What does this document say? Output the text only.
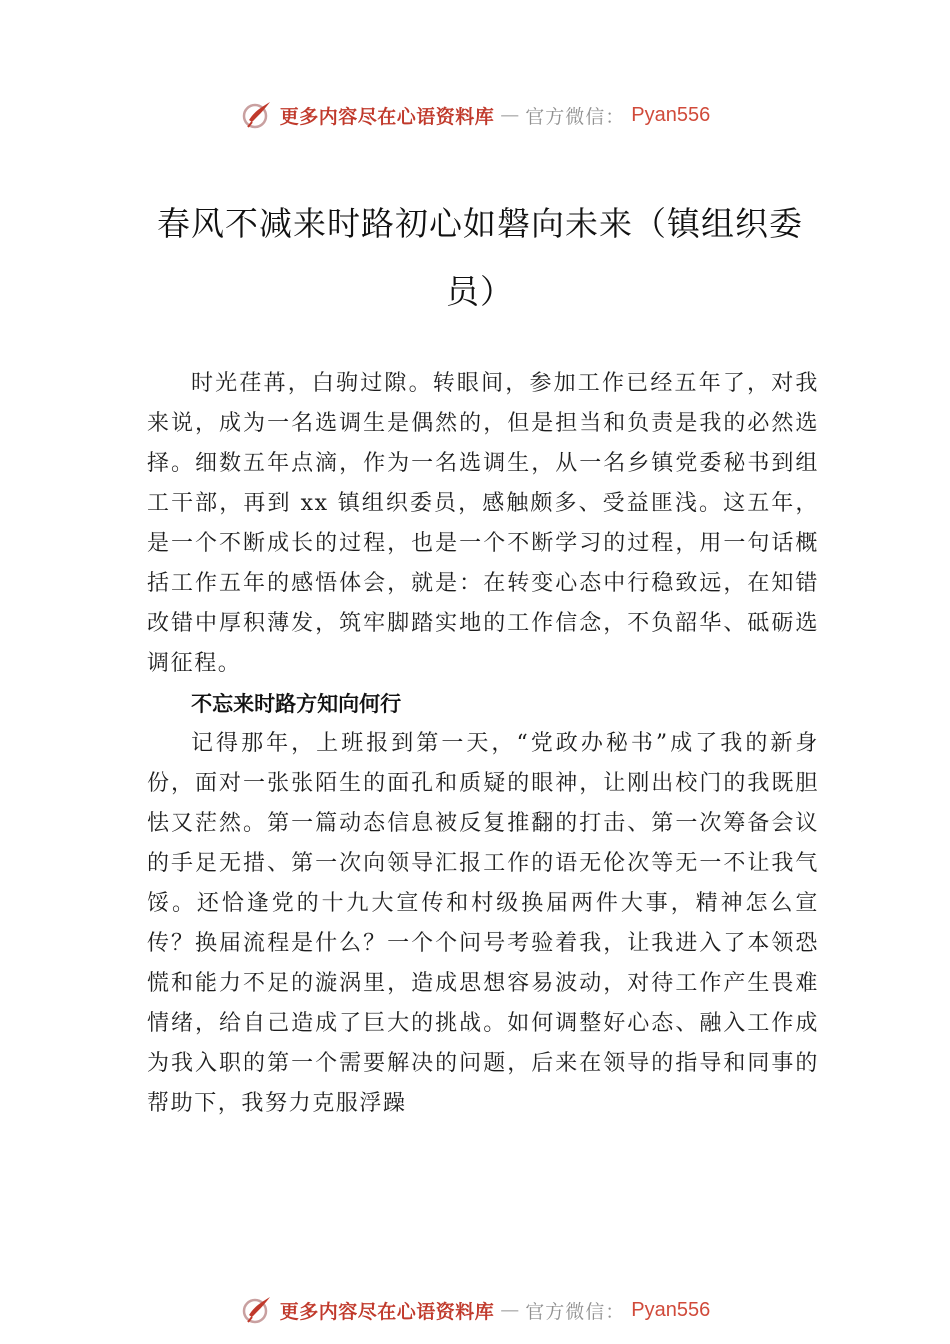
更多内容尽在心语资料库 — 官方微信： Pyan556
春风不减来时路初心如磐向未来（镇组织委员）

时光荏苒，白驹过隙。转眼间，参加工作已经五年了，对我来说，成为一名选调生是偶然的，但是担当和负责是我的必然选择。细数五年点滴，作为一名选调生，从一名乡镇党委秘书到组工干部，再到 xx 镇组织委员，感触颇多、受益匪浅。这五年，是一个不断成长的过程，也是一个不断学习的过程，用一句话概括工作五年的感悟体会，就是：在转变心态中行稳致远，在知错改错中厚积薄发，筑牢脚踏实地的工作信念，不负韶华、砥砺选调征程。

不忘来时路方知向何行

记得那年，上班报到第一天，“党政办秘书”成了我的新身份，面对一张张陌生的面孔和质疑的眼神，让刚出校门的我既胆怯又茫然。第一篇动态信息被反复推翻的打击、第一次筹备会议的手足无措、第一次向领导汇报工作的语无伦次等无一不让我气馁。还恰逢党的十九大宣传和村级换届两件大事，精神怎么宣传？换届流程是什么？一个个问号考验着我，让我进入了本领恐慌和能力不足的漩涡里，造成思想容易波动，对待工作产生畏难情绪，给自己造成了巨大的挑战。如何调整好心态、融入工作成为我入职的第一个需要解决的问题，后来在领导的指导和同事的帮助下，我努力克服浮躁

更多内容尽在心语资料库 — 官方微信： Pyan556
